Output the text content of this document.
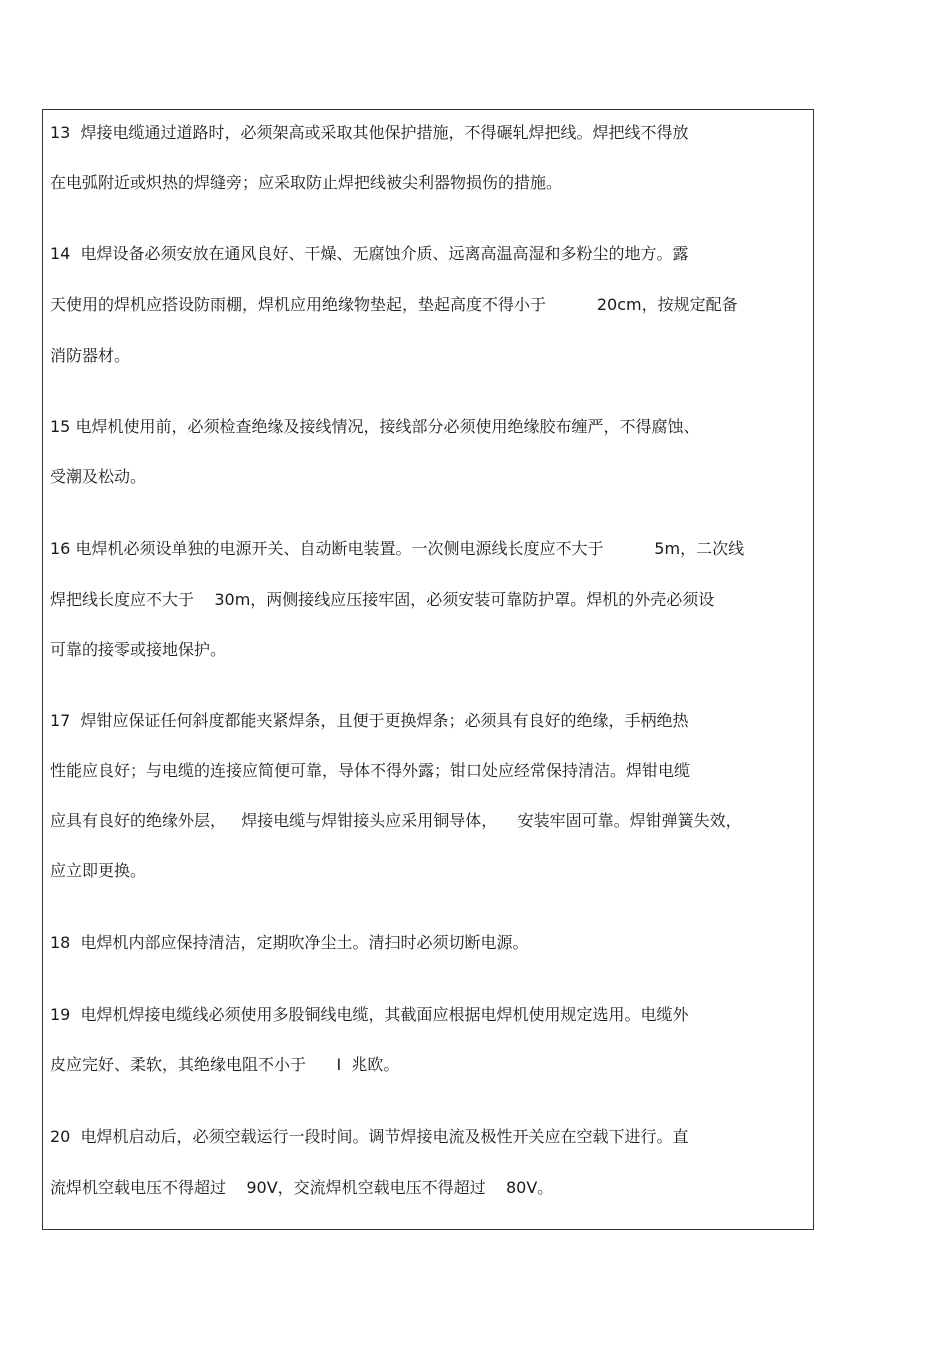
13  焊接电缆通过道路时，必须架高或采取其他保护措施，不得碾轧焊把线。焊把线不得放
在电弧附近或炽热的焊缝旁；应采取防止焊把线被尖利器物损伤的措施。
14  电焊设备必须安放在通风良好、干燥、无腐蚀介质、远离高温高湿和多粉尘的地方。露
天使用的焊机应搭设防雨棚，焊机应用绝缘物垫起，垫起高度不得小于          20cm，按规定配备
消防器材。
15 电焊机使用前，必须检查绝缘及接线情况，接线部分必须使用绝缘胶布缠严，不得腐蚀、
受潮及松动。
16 电焊机必须设单独的电源开关、自动断电装置。一次侧电源线长度应不大于          5m，二次线
焊把线长度应不大于    30m，两侧接线应压接牢固，必须安装可靠防护罩。焊机的外壳必须设
可靠的接零或接地保护。
17  焊钳应保证任何斜度都能夹紧焊条，且便于更换焊条；必须具有良好的绝缘，手柄绝热
性能应良好；与电缆的连接应简便可靠，导体不得外露；钳口处应经常保持清洁。焊钳电缆
应具有良好的绝缘外层，   焊接电缆与焊钳接头应采用铜导体，    安装牢固可靠。焊钳弹簧失效，
应立即更换。
18  电焊机内部应保持清洁，定期吹净尘土。清扫时必须切断电源。
19  电焊机焊接电缆线必须使用多股铜线电缆，其截面应根据电焊机使用规定选用。电缆外
皮应完好、柔软，其绝缘电阻不小于      I  兆欧。
20  电焊机启动后，必须空载运行一段时间。调节焊接电流及极性开关应在空载下进行。直
流焊机空载电压不得超过    90V，交流焊机空载电压不得超过    80V。
